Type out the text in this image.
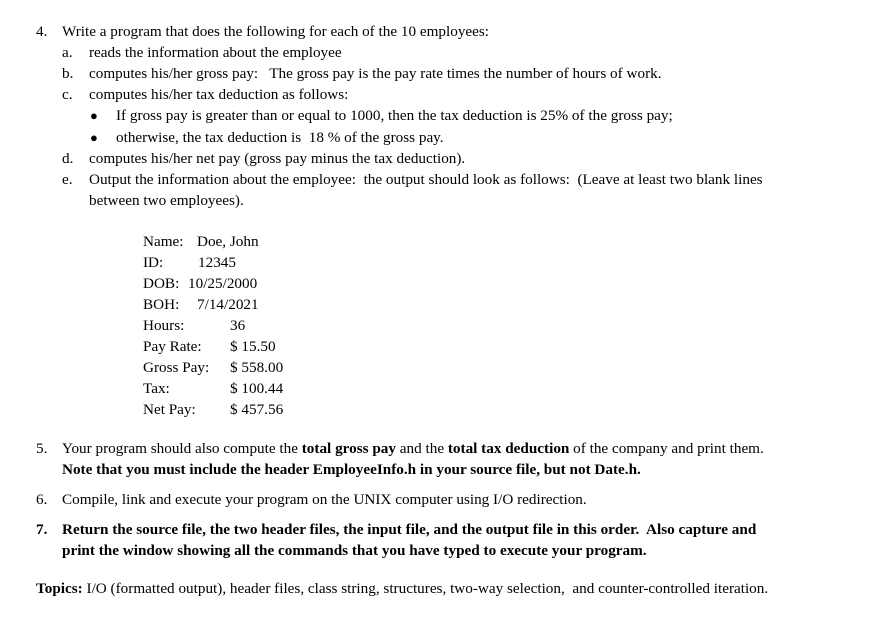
4. Write a program that does the following for each of the 10 employees:
a. reads the information about the employee
b. computes his/her gross pay:   The gross pay is the pay rate times the number of hours of work.
c. computes his/her tax deduction as follows:
● If gross pay is greater than or equal to 1000, then the tax deduction is 25% of the gross pay;
● otherwise, the tax deduction is  18 % of the gross pay.
d. computes his/her net pay (gross pay minus the tax deduction).
e. Output the information about the employee:  the output should look as follows:  (Leave at least two blank lines
between two employees).
Name: Doe, John
ID: 12345
DOB: 10/25/2000
BOH: 7/14/2021
Hours:	36
Pay Rate: $ 15.50
Gross Pay: $ 558.00
Tax:	$ 100.44
Net Pay: $ 457.56
5. Your program should also compute the total gross pay and the total tax deduction of the company and print them.
Note that you must include the header EmployeeInfo.h in your source file, but not Date.h.
6. Compile, link and execute your program on the UNIX computer using I/O redirection.
7. Return the source file, the two header files, the input file, and the output file in this order.  Also capture and
print the window showing all the commands that you have typed to execute your program.
Topics: I/O (formatted output), header files, class string, structures, two-way selection,  and counter-controlled iteration.
